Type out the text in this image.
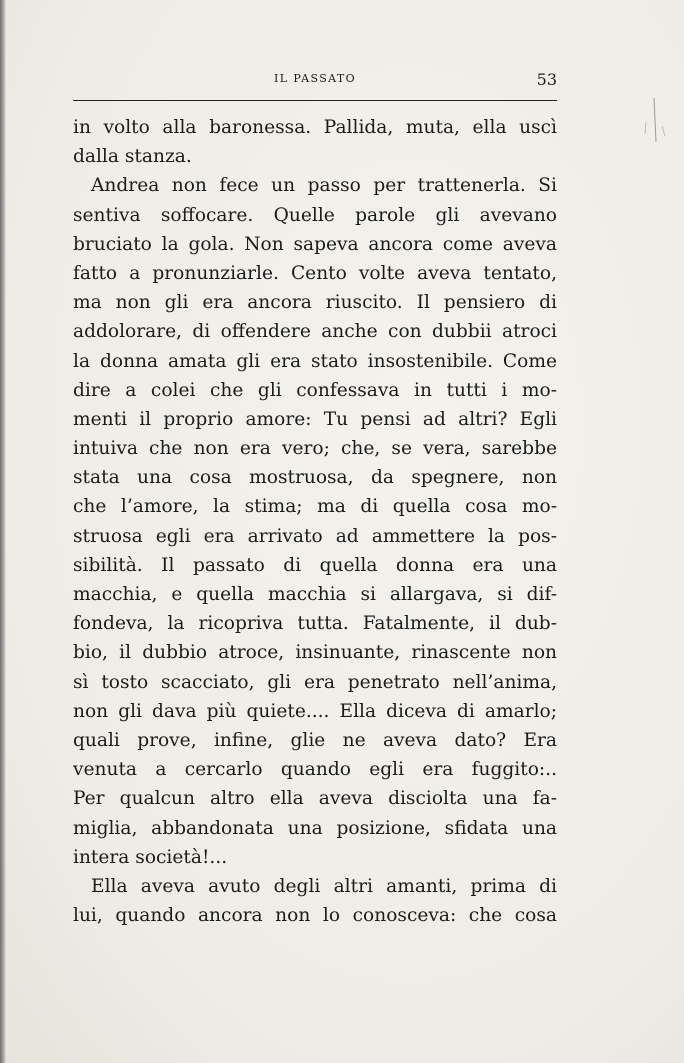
IL PASSATO	53
in volto alla baronessa. Pallida, muta, ella uscì
dalla stanza.
Andrea non fece un passo per trattenerla. Si
sentiva soffocare. Quelle parole gli avevano
bruciato la gola. Non sapeva ancora come aveva
fatto a pronunziarle. Cento volte aveva tentato,
ma non gli era ancora riuscito. Il pensiero di
addolorare, di offendere anche con dubbii atroci
la donna amata gli era stato insostenibile. Come
dire a colei che gli confessava in tutti i mo-
menti il proprio amore: Tu pensi ad altri? Egli
intuiva che non era vero; che, se vera, sarebbe
stata una cosa mostruosa, da spegnere, non
che l’amore, la stima; ma di quella cosa mo-
struosa egli era arrivato ad ammettere la pos-
sibilità. Il passato di quella donna era una
macchia, e quella macchia si allargava, si dif-
fondeva, la ricopriva tutta. Fatalmente, il dub-
bio, il dubbio atroce, insinuante, rinascente non
sì tosto scacciato, gli era penetrato nell’anima,
non gli dava più quiete.... Ella diceva di amarlo;
quali prove, infine, glie ne aveva dato? Era
venuta a cercarlo quando egli era fuggito:..
Per qualcun altro ella aveva disciolta una fa-
miglia, abbandonata una posizione, sfidata una
intera società!...
Ella aveva avuto degli altri amanti, prima di
lui, quando ancora non lo conosceva: che cosa
